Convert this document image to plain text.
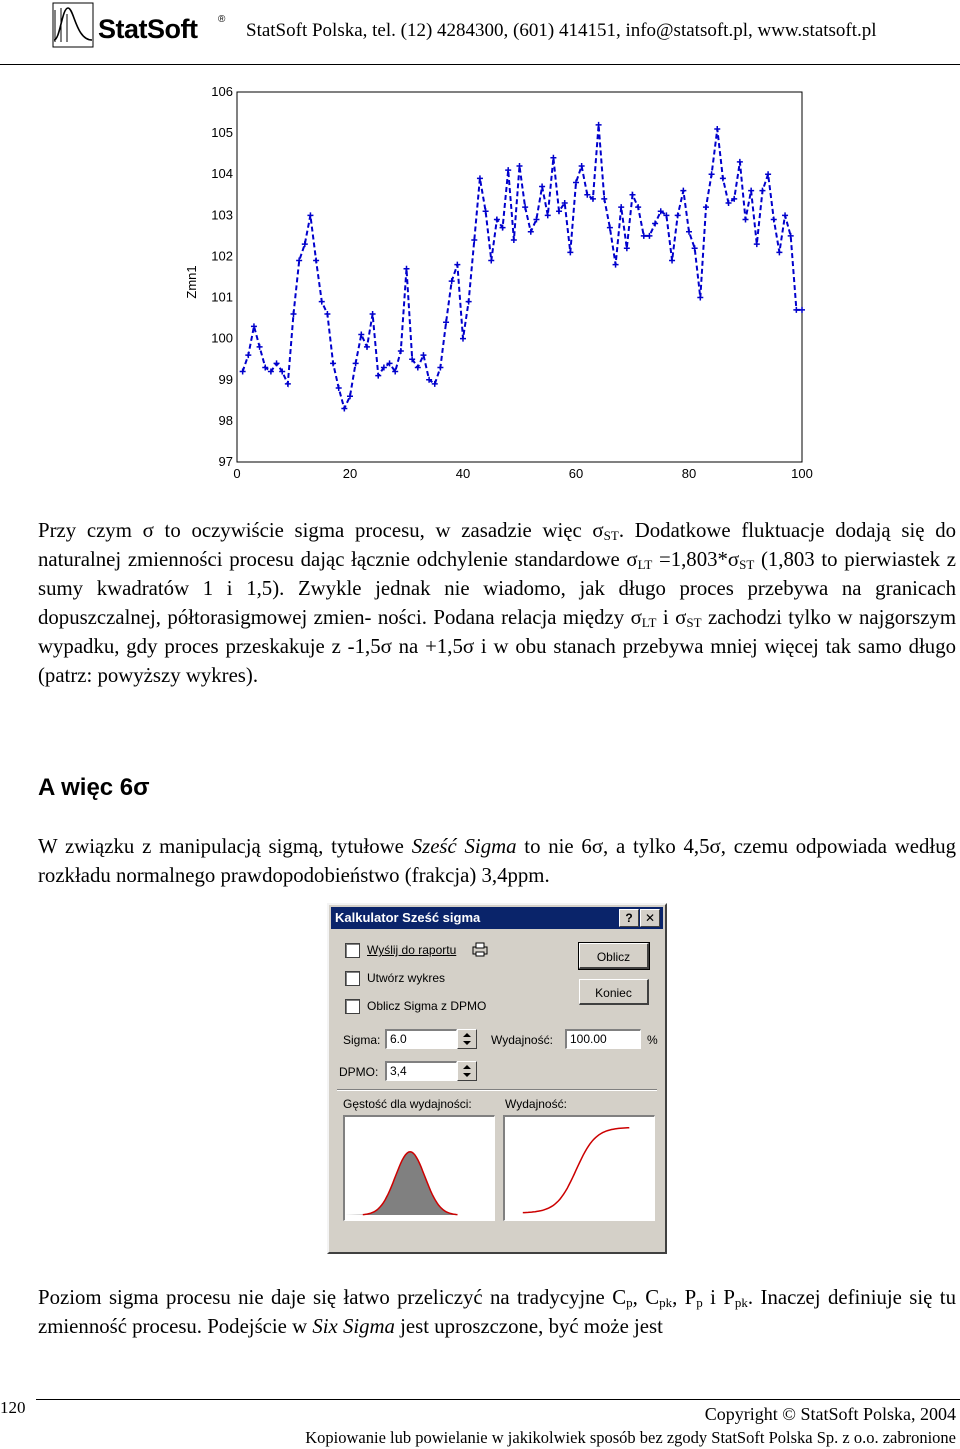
StatSoft ®
StatSoft Polska, tel. (12) 4284300, (601) 414151, info@statsoft.pl, www.statsoft.pl
97
98
99
100
101
102
103
104
105
106
0	20	40	60	80	100
Zmn1

Przy czym σ to oczywiście sigma procesu, w zasadzie więc $\sigma_{ST}$. Dodatkowe fluktuacje dodają się do naturalnej zmienności procesu dając łącznie odchylenie standardowe $\sigma_{LT} =1,803*\sigma_{ST}$ (1,803 to pierwiastek z sumy kwadratów 1 i 1,5). Zwykle jednak nie wiadomo, jak długo proces przebywa na granicach dopuszczalnej, półtorasigmowej zmien- ności. Podana relacja między $\sigma_{LT}$ i $\sigma_{ST}$ zachodzi tylko w najgorszym wypadku, gdy proces przeskakuje z -1,5σ na +1,5σ i w obu stanach przebywa mniej więcej tak samo długo (patrz: powyższy wykres).

A więc 6σ

W związku z manipulacją sigmą, tytułowe Sześć Sigma to nie 6σ, a tylko 4,5σ, czemu odpowiada według rozkładu normalnego prawdopodobieństwo (frakcja) 3,4ppm.

Kalkulator Sześć sigma	?	✕
Wyślij do raportu
Utwórz wykres
Oblicz Sigma z DPMO
Oblicz
Koniec
Sigma: 6.0	Wydajność:	100.00	%
DPMO: 3,4
Gęstość dla wydajności:	Wydajność:

Poziom sigma procesu nie daje się łatwo przeliczyć na tradycyjne $C_p$, $C_{pk}$, $P_p$ i $P_{pk}$. Inaczej definiuje się tu zmienność procesu. Podejście w Six Sigma jest uproszczone, być może jest

120	Copyright © StatSoft Polska, 2004
Kopiowanie lub powielanie w jakikolwiek sposób bez zgody StatSoft Polska Sp. z o.o. zabronione
